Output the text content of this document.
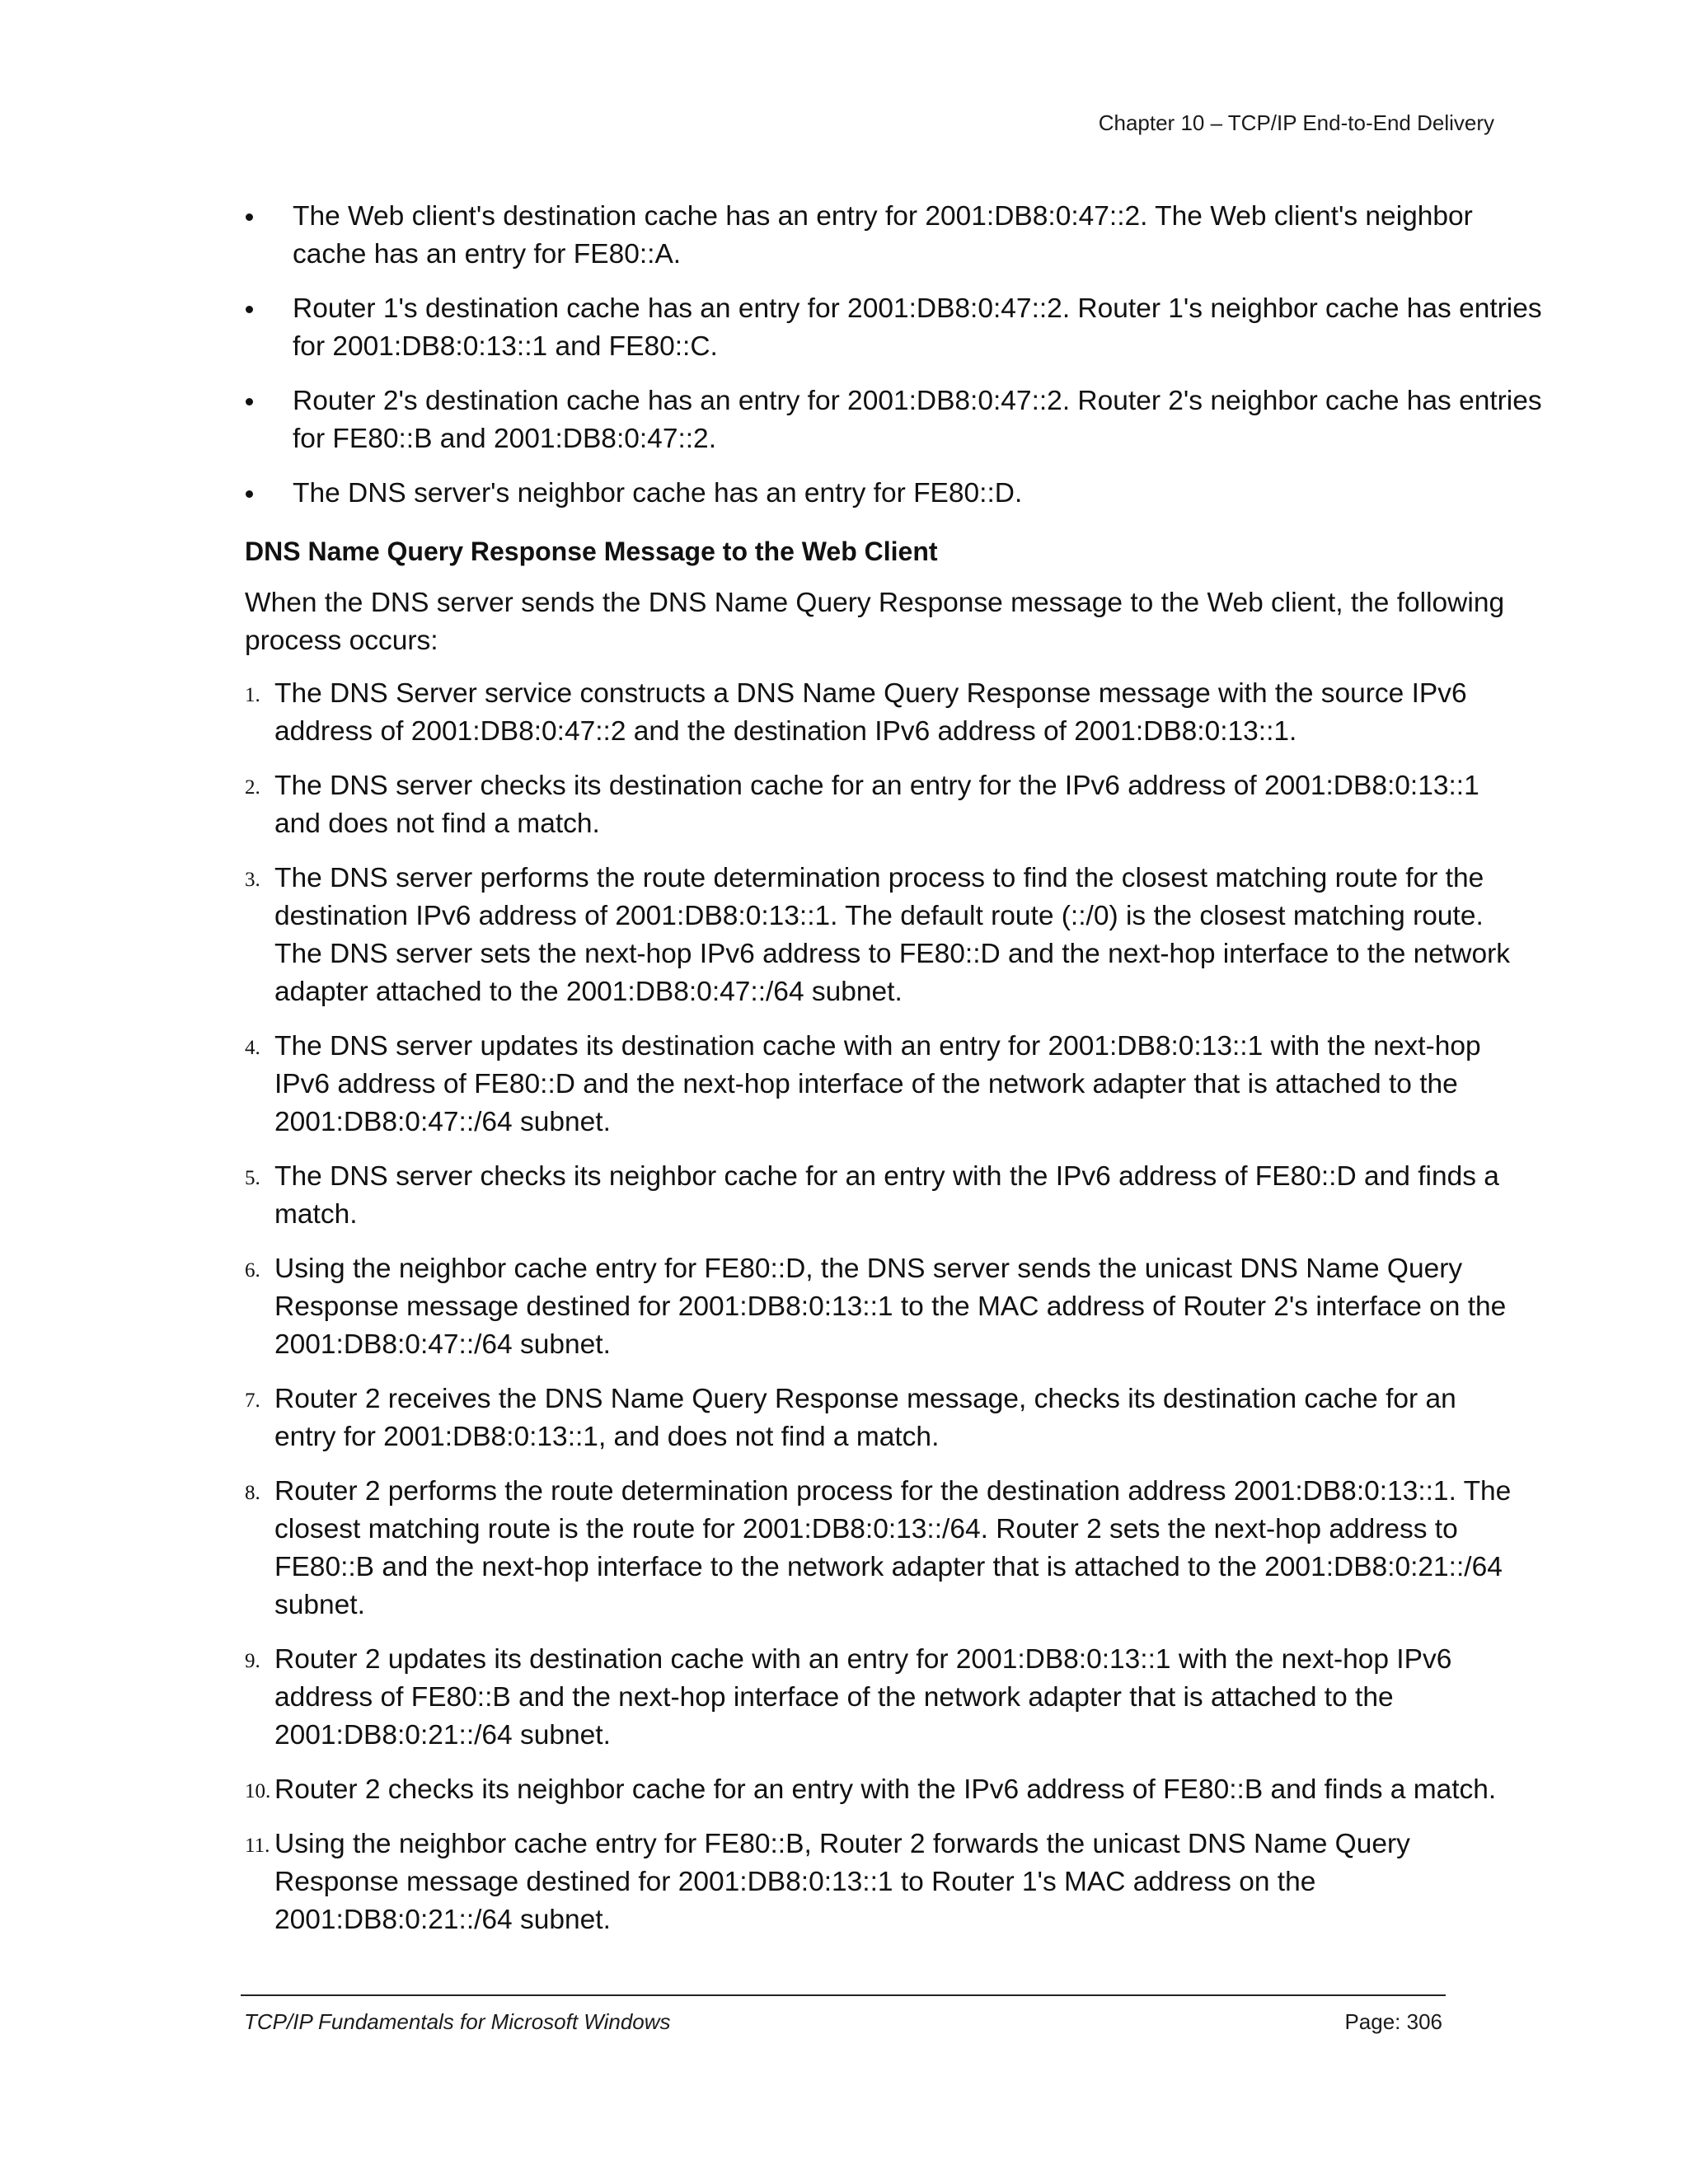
Chapter 10 – TCP/IP End-to-End Delivery
The Web client's destination cache has an entry for 2001:DB8:0:47::2. The Web client's neighbor cache has an entry for FE80::A.
Router 1's destination cache has an entry for 2001:DB8:0:47::2. Router 1's neighbor cache has entries for 2001:DB8:0:13::1 and FE80::C.
Router 2's destination cache has an entry for 2001:DB8:0:47::2. Router 2's neighbor cache has entries for FE80::B and 2001:DB8:0:47::2.
The DNS server's neighbor cache has an entry for FE80::D.
DNS Name Query Response Message to the Web Client

When the DNS server sends the DNS Name Query Response message to the Web client, the following process occurs:

1. The DNS Server service constructs a DNS Name Query Response message with the source IPv6 address of 2001:DB8:0:47::2 and the destination IPv6 address of 2001:DB8:0:13::1.
2. The DNS server checks its destination cache for an entry for the IPv6 address of 2001:DB8:0:13::1 and does not find a match.
3. The DNS server performs the route determination process to find the closest matching route for the destination IPv6 address of 2001:DB8:0:13::1. The default route (::/0) is the closest matching route. The DNS server sets the next-hop IPv6 address to FE80::D and the next-hop interface to the network adapter attached to the 2001:DB8:0:47::/64 subnet.
4. The DNS server updates its destination cache with an entry for 2001:DB8:0:13::1 with the next-hop IPv6 address of FE80::D and the next-hop interface of the network adapter that is attached to the 2001:DB8:0:47::/64 subnet.
5. The DNS server checks its neighbor cache for an entry with the IPv6 address of FE80::D and finds a match.
6. Using the neighbor cache entry for FE80::D, the DNS server sends the unicast DNS Name Query Response message destined for 2001:DB8:0:13::1 to the MAC address of Router 2's interface on the 2001:DB8:0:47::/64 subnet.
7. Router 2 receives the DNS Name Query Response message, checks its destination cache for an entry for 2001:DB8:0:13::1, and does not find a match.
8. Router 2 performs the route determination process for the destination address 2001:DB8:0:13::1. The closest matching route is the route for 2001:DB8:0:13::/64. Router 2 sets the next-hop address to FE80::B and the next-hop interface to the network adapter that is attached to the 2001:DB8:0:21::/64 subnet.
9. Router 2 updates its destination cache with an entry for 2001:DB8:0:13::1 with the next-hop IPv6 address of FE80::B and the next-hop interface of the network adapter that is attached to the 2001:DB8:0:21::/64 subnet.
10. Router 2 checks its neighbor cache for an entry with the IPv6 address of FE80::B and finds a match.
11. Using the neighbor cache entry for FE80::B, Router 2 forwards the unicast DNS Name Query Response message destined for 2001:DB8:0:13::1 to Router 1's MAC address on the 2001:DB8:0:21::/64 subnet.
TCP/IP Fundamentals for Microsoft Windows	Page: 306
